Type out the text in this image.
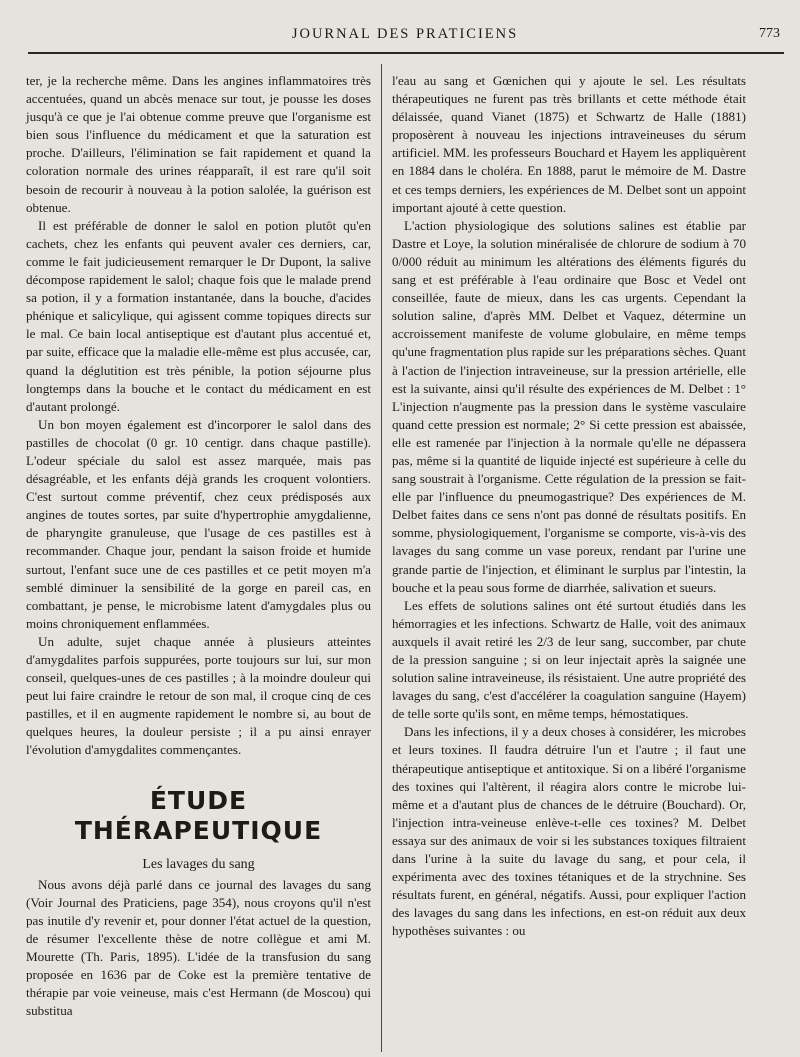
JOURNAL DES PRATICIENS	773

ter, je la recherche même. Dans les angines inflammatoires très accentuées, quand un abcès menace sur tout, je pousse les doses jusqu'à ce que je l'ai obtenue comme preuve que l'organisme est bien sous l'influence du médicament et que la saturation est proche. D'ailleurs, l'élimination se fait rapidement et quand la coloration normale des urines réapparaît, il est rare qu'il soit besoin de recourir à nouveau à la potion salolée, la guérison est obtenue.

Il est préférable de donner le salol en potion plutôt qu'en cachets, chez les enfants qui peuvent avaler ces derniers, car, comme le fait judicieusement remarquer le Dr Dupont, la salive décompose rapidement le salol; chaque fois que le malade prend sa potion, il y a formation instantanée, dans la bouche, d'acides phénique et salicylique, qui agissent comme topiques directs sur le mal. Ce bain local antiseptique est d'autant plus accentué et, par suite, efficace que la maladie elle-même est plus accusée, car, quand la déglutition est très pénible, la potion séjourne plus longtemps dans la bouche et le contact du médicament en est d'autant prolongé.

Un bon moyen également est d'incorporer le salol dans des pastilles de chocolat (0 gr. 10 centigr. dans chaque pastille). L'odeur spéciale du salol est assez marquée, mais pas désagréable, et les enfants déjà grands les croquent volontiers. C'est surtout comme préventif, chez ceux prédisposés aux angines de toutes sortes, par suite d'hypertrophie amygdalienne, de pharyngite granuleuse, que l'usage de ces pastilles est à recommander. Chaque jour, pendant la saison froide et humide surtout, l'enfant suce une de ces pastilles et ce petit moyen m'a semblé diminuer la sensibilité de la gorge en pareil cas, en combattant, je pense, le microbisme latent d'amygdales plus ou moins chroniquement enflammées.

Un adulte, sujet chaque année à plusieurs atteintes d'amygdalites parfois suppurées, porte toujours sur lui, sur mon conseil, quelques-unes de ces pastilles ; à la moindre douleur qui peut lui faire craindre le retour de son mal, il croque cinq de ces pastilles, et il en augmente rapidement le nombre si, au bout de quelques heures, la douleur persiste ; il a pu ainsi enrayer l'évolution d'amygdalites commençantes.

ÉTUDE THÉRAPEUTIQUE
Les lavages du sang

Nous avons déjà parlé dans ce journal des lavages du sang (Voir Journal des Praticiens, page 354), nous croyons qu'il n'est pas inutile d'y revenir et, pour donner l'état actuel de la question, de résumer l'excellente thèse de notre collègue et ami M. Mourette (Th. Paris, 1895). L'idée de la transfusion du sang proposée en 1636 par de Coke est la première tentative de thérapie par voie veineuse, mais c'est Hermann (de Moscou) qui substitua

l'eau au sang et Gœnichen qui y ajoute le sel. Les résultats thérapeutiques ne furent pas très brillants et cette méthode était délaissée, quand Vianet (1875) et Schwartz de Halle (1881) proposèrent à nouveau les injections intraveineuses du sérum artificiel. MM. les professeurs Bouchard et Hayem les appliquèrent en 1884 dans le choléra. En 1888, parut le mémoire de M. Dastre et ces temps derniers, les expériences de M. Delbet sont un appoint important ajouté à cette question.

L'action physiologique des solutions salines est établie par Dastre et Loye, la solution minéralisée de chlorure de sodium à 70 0/000 réduit au minimum les altérations des éléments figurés du sang et est préférable à l'eau ordinaire que Bosc et Vedel ont conseillée, faute de mieux, dans les cas urgents. Cependant la solution saline, d'après MM. Delbet et Vaquez, détermine un accroissement manifeste de volume globulaire, en même temps qu'une fragmentation plus rapide sur les préparations sèches. Quant à l'action de l'injection intraveineuse, sur la pression artérielle, elle est la suivante, ainsi qu'il résulte des expériences de M. Delbet : 1° L'injection n'augmente pas la pression dans le système vasculaire quand cette pression est normale; 2° Si cette pression est abaissée, elle est ramenée par l'injection à la normale qu'elle ne dépassera pas, même si la quantité de liquide injecté est supérieure à celle du sang soustrait à l'organisme. Cette régulation de la pression se fait-elle par l'influence du pneumogastrique? Des expériences de M. Delbet faites dans ce sens n'ont pas donné de résultats positifs. En somme, physiologiquement, l'organisme se comporte, vis-à-vis des lavages du sang comme un vase poreux, rendant par l'urine une grande partie de l'injection, et éliminant le surplus par l'intestin, la bouche et la peau sous forme de diarrhée, salivation et sueurs.

Les effets de solutions salines ont été surtout étudiés dans les hémorragies et les infections. Schwartz de Halle, voit des animaux auxquels il avait retiré les 2/3 de leur sang, succomber, par chute de la pression sanguine ; si on leur injectait après la saignée une solution saline intraveineuse, ils résistaient. Une autre propriété des lavages du sang, c'est d'accélérer la coagulation sanguine (Hayem) de telle sorte qu'ils sont, en même temps, hémostatiques.

Dans les infections, il y a deux choses à considérer, les microbes et leurs toxines. Il faudra détruire l'un et l'autre ; il faut une thérapeutique antiseptique et antitoxique. Si on a libéré l'organisme des toxines qui l'altèrent, il réagira alors contre le microbe lui-même et a d'autant plus de chances de le détruire (Bouchard). Or, l'injection intra-veineuse enlève-t-elle ces toxines? M. Delbet essaya sur des animaux de voir si les substances toxiques filtraient dans l'urine à la suite du lavage du sang, et pour cela, il expérimenta avec des toxines tétaniques et de la strychnine. Ses résultats furent, en général, négatifs. Aussi, pour expliquer l'action des lavages du sang dans les infections, en est-on réduit aux deux hypothèses suivantes : ou
